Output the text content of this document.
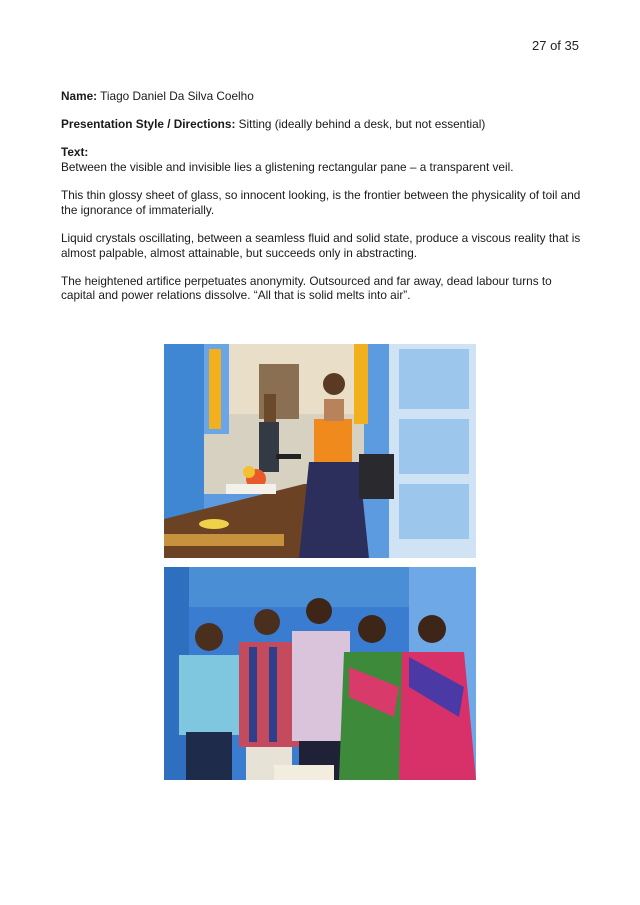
27 of 35

Name: Tiago Daniel Da Silva Coelho

Presentation Style / Directions: Sitting (ideally behind a desk, but not essential)

Text:

Between the visible and invisible lies a glistening rectangular pane – a transparent veil.

This thin glossy sheet of glass, so innocent looking, is the frontier between the physicality of toil and the ignorance of immaterially.

Liquid crystals oscillating, between a seamless fluid and solid state, produce a viscous reality that is almost palpable, almost attainable, but succeeds only in abstracting.

The heightened artifice perpetuates anonymity. Outsourced and far away, dead labour turns to capital and power relations dissolve. “All that is solid melts into air”.
